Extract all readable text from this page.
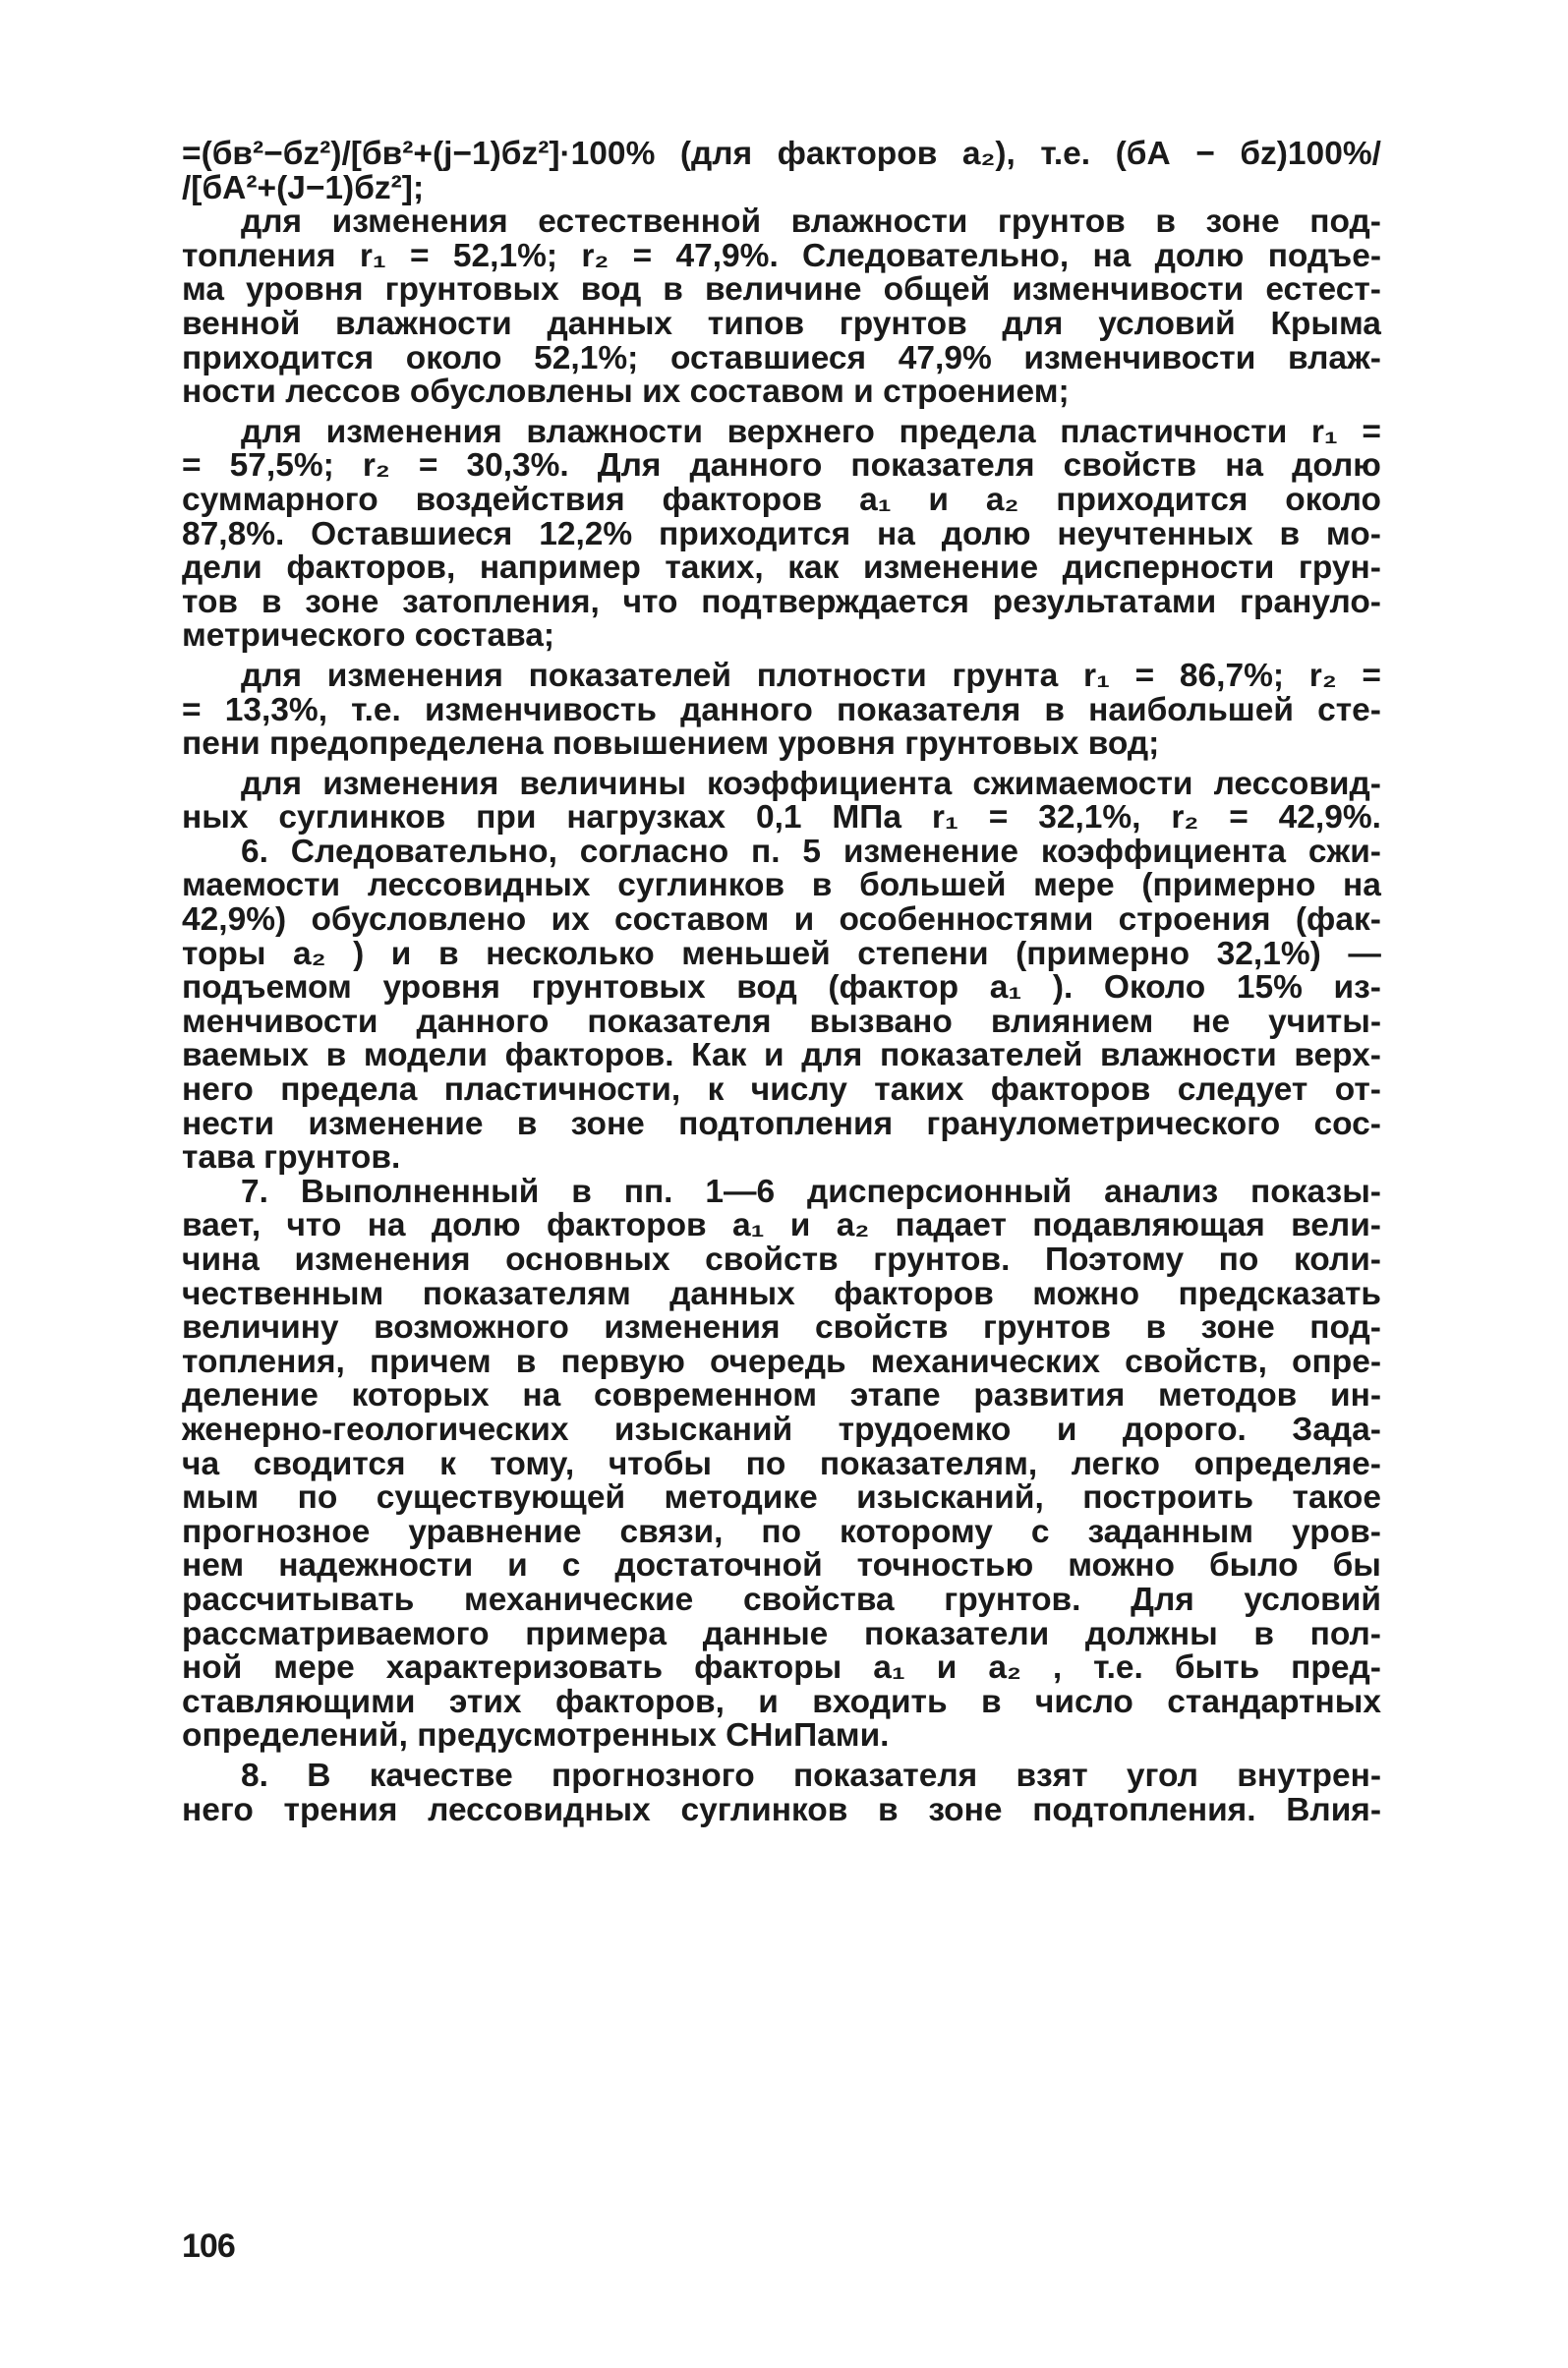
=(бв²−бz²)/[бв²+(j−1)бz²]·100% (для факторов a₂), т.е. (бA − бz)100%/
/[бA²+(J−1)бz²];
для изменения естественной влажности грунтов в зоне под-
топления r₁ = 52,1%; r₂ = 47,9%. Следовательно, на долю подъе-
ма уровня грунтовых вод в величине общей изменчивости естест-
венной влажности данных типов грунтов для условий Крыма
приходится около 52,1%; оставшиеся 47,9% изменчивости влаж-
ности лессов обусловлены их составом и строением;
для изменения влажности верхнего предела пластичности r₁ =
= 57,5%; r₂ = 30,3%. Для данного показателя свойств на долю
суммарного воздействия факторов a₁ и a₂ приходится около
87,8%. Оставшиеся 12,2% приходится на долю неучтенных в мо-
дели факторов, например таких, как изменение дисперности грун-
тов в зоне затопления, что подтверждается результатами грануло-
метрического состава;
для изменения показателей плотности грунта r₁ = 86,7%; r₂ =
= 13,3%, т.е. изменчивость данного показателя в наибольшей сте-
пени предопределена повышением уровня грунтовых вод;
для изменения величины коэффициента сжимаемости лессовид-
ных суглинков при нагрузках 0,1 МПа r₁ = 32,1%, r₂ = 42,9%.
6. Следовательно, согласно п. 5 изменение коэффициента сжи-
маемости лессовидных суглинков в большей мере (примерно на
42,9%) обусловлено их составом и особенностями строения (фак-
торы a₂ ) и в несколько меньшей степени (примерно 32,1%) —
подъемом уровня грунтовых вод (фактор a₁ ). Около 15% из-
менчивости данного показателя вызвано влиянием не учиты-
ваемых в модели факторов. Как и для показателей влажности верх-
него предела пластичности, к числу таких факторов следует от-
нести изменение в зоне подтопления гранулометрического сос-
тава грунтов.
7. Выполненный в пп. 1—6 дисперсионный анализ показы-
вает, что на долю факторов a₁ и a₂ падает подавляющая вели-
чина изменения основных свойств грунтов. Поэтому по коли-
чественным показателям данных факторов можно предсказать
величину возможного изменения свойств грунтов в зоне под-
топления, причем в первую очередь механических свойств, опре-
деление которых на современном этапе развития методов ин-
женерно-геологических изысканий трудоемко и дорого. Зада-
ча сводится к тому, чтобы по показателям, легко определяе-
мым по существующей методике изысканий, построить такое
прогнозное уравнение связи, по которому с заданным уров-
нем надежности и с достаточной точностью можно было бы
рассчитывать механические свойства грунтов. Для условий
рассматриваемого примера данные показатели должны в пол-
ной мере характеризовать факторы a₁ и a₂ , т.е. быть пред-
ставляющими этих факторов, и входить в число стандартных
определений, предусмотренных СНиПами.
8. В качестве прогнозного показателя взят угол внутрен-
него трения лессовидных суглинков в зоне подтопления. Влия-
106
